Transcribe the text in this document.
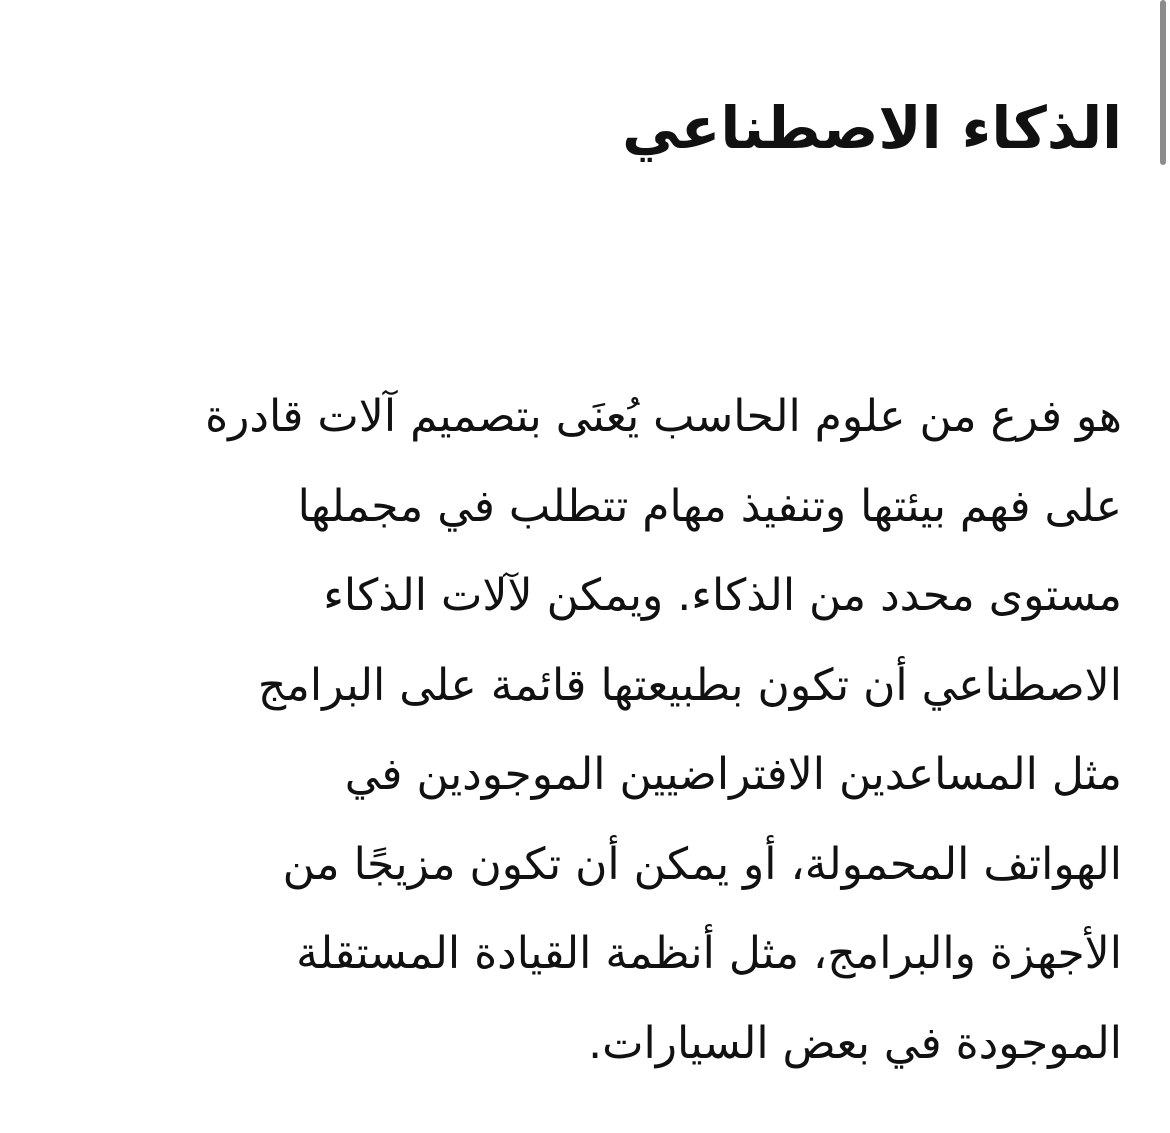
الذكاء الاصطناعي

هو فرع من علوم الحاسب يُعنَى بتصميم آلات قادرة
على فهم بيئتها وتنفيذ مهام تتطلب في مجملها
مستوى محدد من الذكاء. ويمكن لآلات الذكاء
الاصطناعي أن تكون بطبيعتها قائمة على البرامج
مثل المساعدين الافتراضيين الموجودين في
الهواتف المحمولة، أو يمكن أن تكون مزيجًا من
الأجهزة والبرامج، مثل أنظمة القيادة المستقلة
الموجودة في بعض السيارات.
